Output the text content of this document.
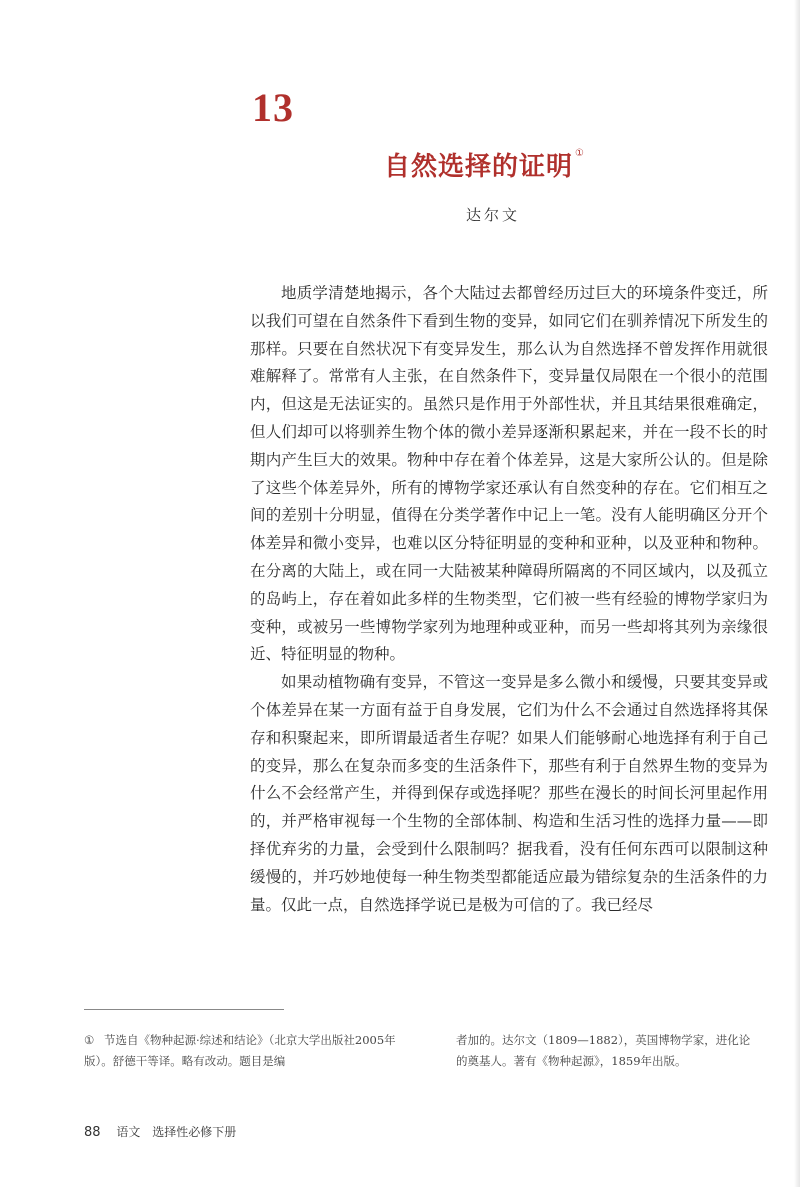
13
自然选择的证明 ①
达尔文

地质学清楚地揭示，各个大陆过去都曾经历过巨大的环境条件变迁，所以我们可望在自然条件下看到生物的变异，如同它们在驯养情况下所发生的那样。只要在自然状况下有变异发生，那么认为自然选择不曾发挥作用就很难解释了。常常有人主张，在自然条件下，变异量仅局限在一个很小的范围内，但这是无法证实的。虽然只是作用于外部性状，并且其结果很难确定，但人们却可以将驯养生物个体的微小差异逐渐积累起来，并在一段不长的时期内产生巨大的效果。物种中存在着个体差异，这是大家所公认的。但是除了这些个体差异外，所有的博物学家还承认有自然变种的存在。它们相互之间的差别十分明显，值得在分类学著作中记上一笔。没有人能明确区分开个体差异和微小变异，也难以区分特征明显的变种和亚种，以及亚种和物种。在分离的大陆上，或在同一大陆被某种障碍所隔离的不同区域内，以及孤立的岛屿上，存在着如此多样的生物类型，它们被一些有经验的博物学家归为变种，或被另一些博物学家列为地理种或亚种，而另一些却将其列为亲缘很近、特征明显的物种。

如果动植物确有变异，不管这一变异是多么微小和缓慢，只要其变异或个体差异在某一方面有益于自身发展，它们为什么不会通过自然选择将其保存和积聚起来，即所谓最适者生存呢？如果人们能够耐心地选择有利于自己的变异，那么在复杂而多变的生活条件下，那些有利于自然界生物的变异为什么不会经常产生，并得到保存或选择呢？那些在漫长的时间长河里起作用的，并严格审视每一个生物的全部体制、构造和生活习性的选择力量——即择优弃劣的力量，会受到什么限制吗？据我看，没有任何东西可以限制这种缓慢的，并巧妙地使每一种生物类型都能适应最为错综复杂的生活条件的力量。仅此一点，自然选择学说已是极为可信的了。我已经尽

① 节选自《物种起源·综述和结论》（北京大学出版社2005年版）。舒德干等译。略有改动。题目是编
者加的。达尔文（1809—1882），英国博物学家，进化论的奠基人。著有《物种起源》，1859年出版。
88 语文 选择性必修下册
